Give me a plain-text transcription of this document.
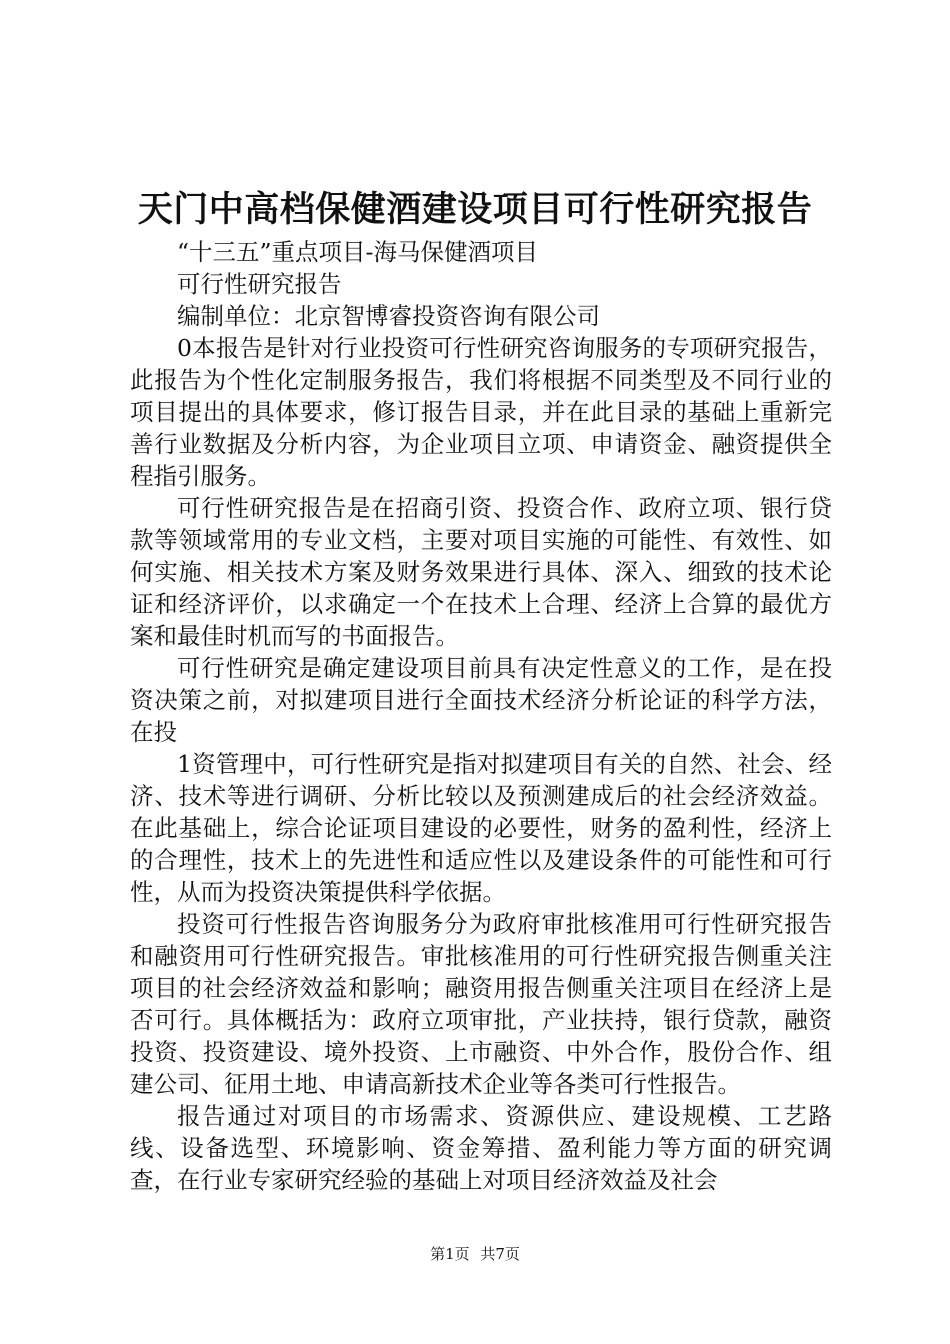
天门中高档保健酒建设项目可行性研究报告

“十三五”重点项目-海马保健酒项目

可行性研究报告

编制单位：北京智博睿投资咨询有限公司

0本报告是针对行业投资可行性研究咨询服务的专项研究报告，此报告为个性化定制服务报告，我们将根据不同类型及不同行业的项目提出的具体要求，修订报告目录，并在此目录的基础上重新完善行业数据及分析内容，为企业项目立项、申请资金、融资提供全程指引服务。

可行性研究报告是在招商引资、投资合作、政府立项、银行贷款等领域常用的专业文档，主要对项目实施的可能性、有效性、如何实施、相关技术方案及财务效果进行具体、深入、细致的技术论证和经济评价，以求确定一个在技术上合理、经济上合算的最优方案和最佳时机而写的书面报告。

可行性研究是确定建设项目前具有决定性意义的工作，是在投资决策之前，对拟建项目进行全面技术经济分析论证的科学方法，在投

1资管理中，可行性研究是指对拟建项目有关的自然、社会、经济、技术等进行调研、分析比较以及预测建成后的社会经济效益。在此基础上，综合论证项目建设的必要性，财务的盈利性，经济上的合理性，技术上的先进性和适应性以及建设条件的可能性和可行性，从而为投资决策提供科学依据。

投资可行性报告咨询服务分为政府审批核准用可行性研究报告和融资用可行性研究报告。审批核准用的可行性研究报告侧重关注项目的社会经济效益和影响；融资用报告侧重关注项目在经济上是否可行。具体概括为：政府立项审批，产业扶持，银行贷款，融资投资、投资建设、境外投资、上市融资、中外合作，股份合作、组建公司、征用土地、申请高新技术企业等各类可行性报告。

报告通过对项目的市场需求、资源供应、建设规模、工艺路线、设备选型、环境影响、资金筹措、盈利能力等方面的研究调查，在行业专家研究经验的基础上对项目经济效益及社会

第1页 共7页
